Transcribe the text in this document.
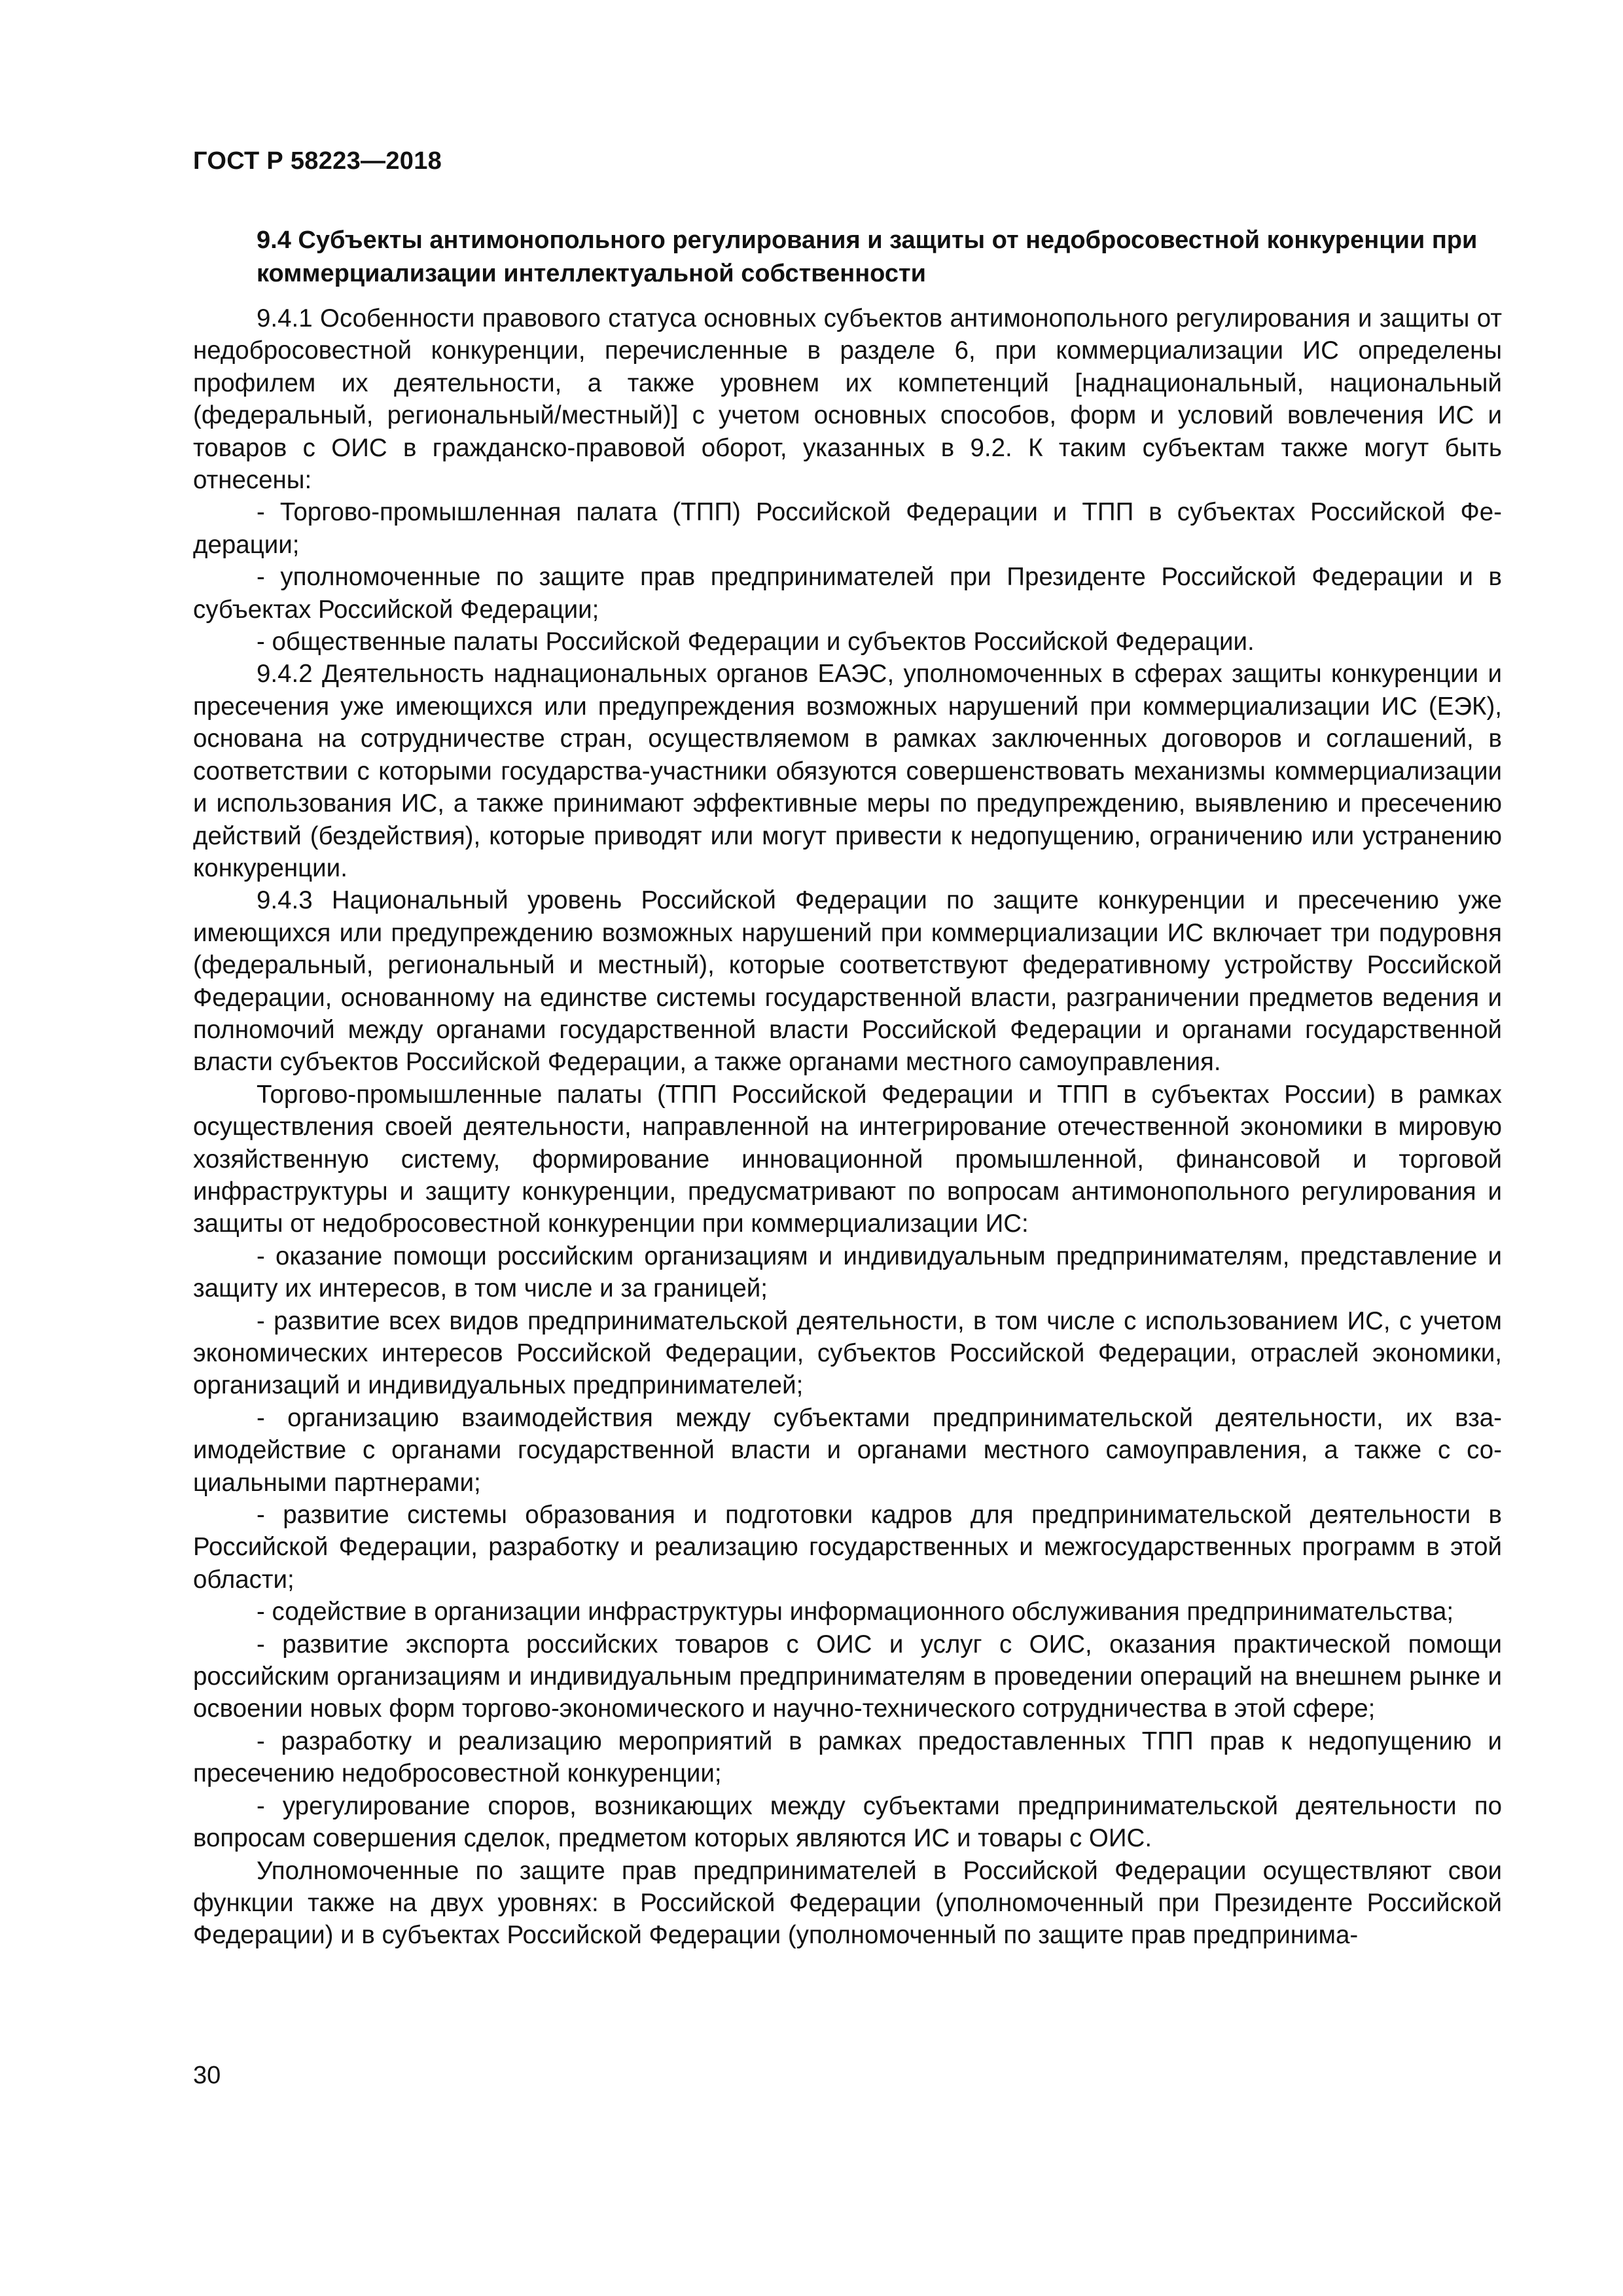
ГОСТ Р 58223—2018
9.4 Субъекты антимонопольного регулирования и защиты от недобросовестной конкуренции при коммерциализации интеллектуальной собственности

9.4.1 Особенности правового статуса основных субъектов антимонопольного регулирования и защиты от недобросовестной конкуренции, перечисленные в разделе 6, при коммерциализации ИС определены профилем их деятельности, а также уровнем их компетенций [наднациональный, национальный (федеральный, региональный/местный)] с учетом основных способов, форм и условий вовлечения ИС и товаров с ОИС в гражданско-правовой оборот, указанных в 9.2. К таким субъектам также могут быть отнесены:

- Торгово-промышленная палата (ТПП) Российской Федерации и ТПП в субъектах Российской Федерации;

- уполномоченные по защите прав предпринимателей при Президенте Российской Федерации и в субъектах Российской Федерации;

- общественные палаты Российской Федерации и субъектов Российской Федерации.

9.4.2 Деятельность наднациональных органов ЕАЭС, уполномоченных в сферах защиты конкуренции и пресечения уже имеющихся или предупреждения возможных нарушений при коммерциализации ИС (ЕЭК), основана на сотрудничестве стран, осуществляемом в рамках заключенных договоров и соглашений, в соответствии с которыми государства-участники обязуются совершенствовать механизмы коммерциализации и использования ИС, а также принимают эффективные меры по предупреждению, выявлению и пресечению действий (бездействия), которые приводят или могут привести к недопущению, ограничению или устранению конкуренции.

9.4.3 Национальный уровень Российской Федерации по защите конкуренции и пресечению уже имеющихся или предупреждению возможных нарушений при коммерциализации ИС включает три подуровня (федеральный, региональный и местный), которые соответствуют федеративному устройству Российской Федерации, основанному на единстве системы государственной власти, разграничении предметов ведения и полномочий между органами государственной власти Российской Федерации и органами государственной власти субъектов Российской Федерации, а также органами местного самоуправления.

Торгово-промышленные палаты (ТПП Российской Федерации и ТПП в субъектах России) в рамках осуществления своей деятельности, направленной на интегрирование отечественной экономики в мировую хозяйственную систему, формирование инновационной промышленной, финансовой и торговой инфраструктуры и защиту конкуренции, предусматривают по вопросам антимонопольного регулирования и защиты от недобросовестной конкуренции при коммерциализации ИС:

- оказание помощи российским организациям и индивидуальным предпринимателям, представление и защиту их интересов, в том числе и за границей;

- развитие всех видов предпринимательской деятельности, в том числе с использованием ИС, с учетом экономических интересов Российской Федерации, субъектов Российской Федерации, отраслей экономики, организаций и индивидуальных предпринимателей;

- организацию взаимодействия между субъектами предпринимательской деятельности, их взаимодействие с органами государственной власти и органами местного самоуправления, а также с социальными партнерами;

- развитие системы образования и подготовки кадров для предпринимательской деятельности в Российской Федерации, разработку и реализацию государственных и межгосударственных программ в этой области;

- содействие в организации инфраструктуры информационного обслуживания предпринимательства;

- развитие экспорта российских товаров с ОИС и услуг с ОИС, оказания практической помощи российским организациям и индивидуальным предпринимателям в проведении операций на внешнем рынке и освоении новых форм торгово-экономического и научно-технического сотрудничества в этой сфере;

- разработку и реализацию мероприятий в рамках предоставленных ТПП прав к недопущению и пресечению недобросовестной конкуренции;

- урегулирование споров, возникающих между субъектами предпринимательской деятельности по вопросам совершения сделок, предметом которых являются ИС и товары с ОИС.

Уполномоченные по защите прав предпринимателей в Российской Федерации осуществляют свои функции также на двух уровнях: в Российской Федерации (уполномоченный при Президенте Российской Федерации) и в субъектах Российской Федерации (уполномоченный по защите прав предпринима-

30
